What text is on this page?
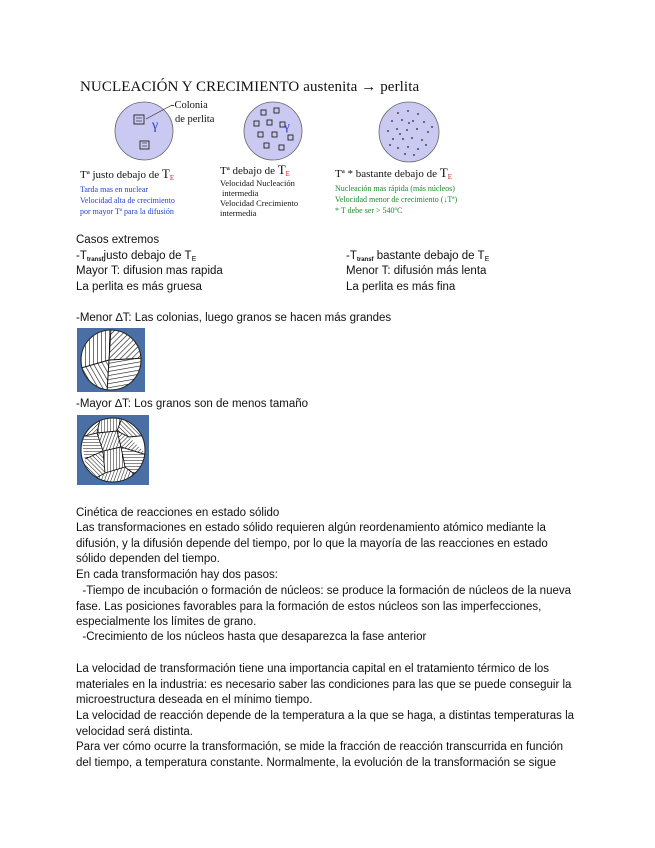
NUCLEACIÓN Y CRECIMIENTO austenita → perlita
γ
-Colonia
de perlita	γ
Tª justo debajo de $T_E$
Tarda mas en nuclear
Velocidad alta de crecimiento
por mayor Tª para la difusión
Tª debajo de $T_E$
Velocidad Nucleación
intermedia
Velocidad Crecimiento
intermedia
Tª * bastante debajo de $T_E$
Nucleación mas rápida (más núcleos)
Velocidad menor de crecimiento (↓Tª)
* T debe ser > 540ºC
Casos extremos
$-T_{transf}justo$ debajo de $T_E$
Mayor T: difusion mas rapida
La perlita es más gruesa
$-T_{transf}$ bastante debajo de $T_E$
Menor T: difusión más lenta
La perlita es más fina
-Menor ∆T: Las colonias, luego granos se hacen más grandes
-Mayor ∆T: Los granos son de menos tamaño
Cinética de reacciones en estado sólido
Las transformaciones en estado sólido requieren algún reordenamiento atómico mediante la difusión, y la difusión depende del tiempo, por lo que la mayoría de las reacciones en estado sólido dependen del tiempo.
En cada transformación hay dos pasos:
-Tiempo de incubación o formación de núcleos: se produce la formación de núcleos de la nueva fase. Las posiciones favorables para la formación de estos núcleos son las imperfecciones, especialmente los límites de grano.
-Crecimiento de los núcleos hasta que desaparezca la fase anterior
La velocidad de transformación tiene una importancia capital en el tratamiento térmico de los materiales en la industria: es necesario saber las condiciones para las que se puede conseguir la microestructura deseada en el mínimo tiempo.
La velocidad de reacción depende de la temperatura a la que se haga, a distintas temperaturas la velocidad será distinta.
Para ver cómo ocurre la transformación, se mide la fracción de reacción transcurrida en función del tiempo, a temperatura constante. Normalmente, la evolución de la transformación se sigue
